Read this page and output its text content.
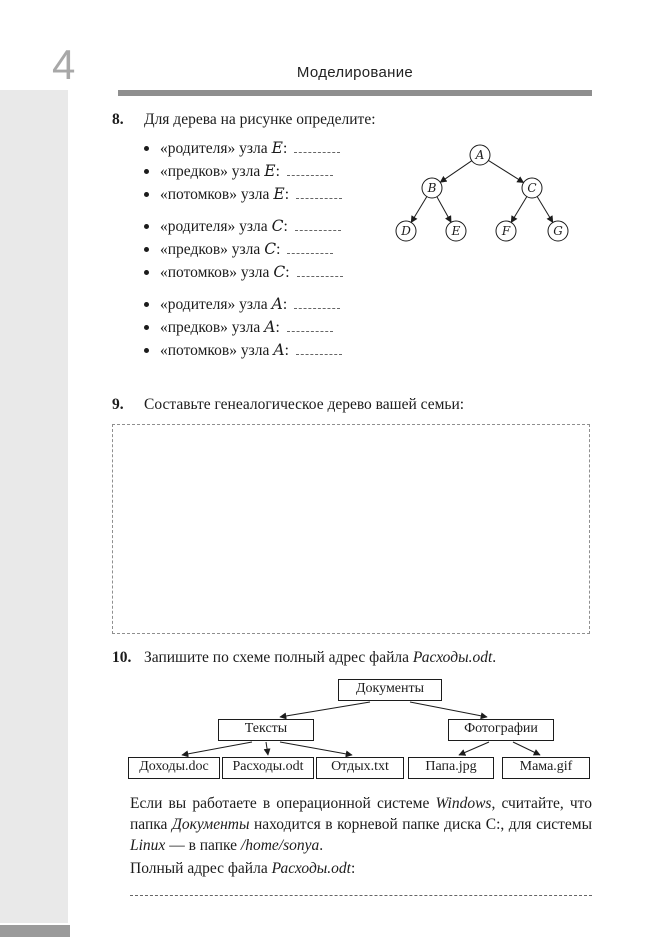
4	Моделирование
8.	Для дерева на рисунке определите:
«родителя» узла E:
«предков» узла E:
«потомков» узла E:
«родителя» узла C:
«предков» узла C:
«потомков» узла C:
«родителя» узла A:
«предков» узла A:
«потомков» узла A:
A
B	C
D	E	F	G
9.	Составьте генеалогическое дерево вашей семьи:
10. Запишите по схеме полный адрес файла Расходы.odt.
Документы
Тексты	Фотографии
Доходы.doc	Расходы.odt	Отдых.txt	Папа.jpg	Мама.gif

Если вы работаете в операционной системе Windows, считайте, что папка Документы находится в корневой папке диска C:, для системы Linux — в папке /home/sonya.

Полный адрес файла Расходы.odt:
